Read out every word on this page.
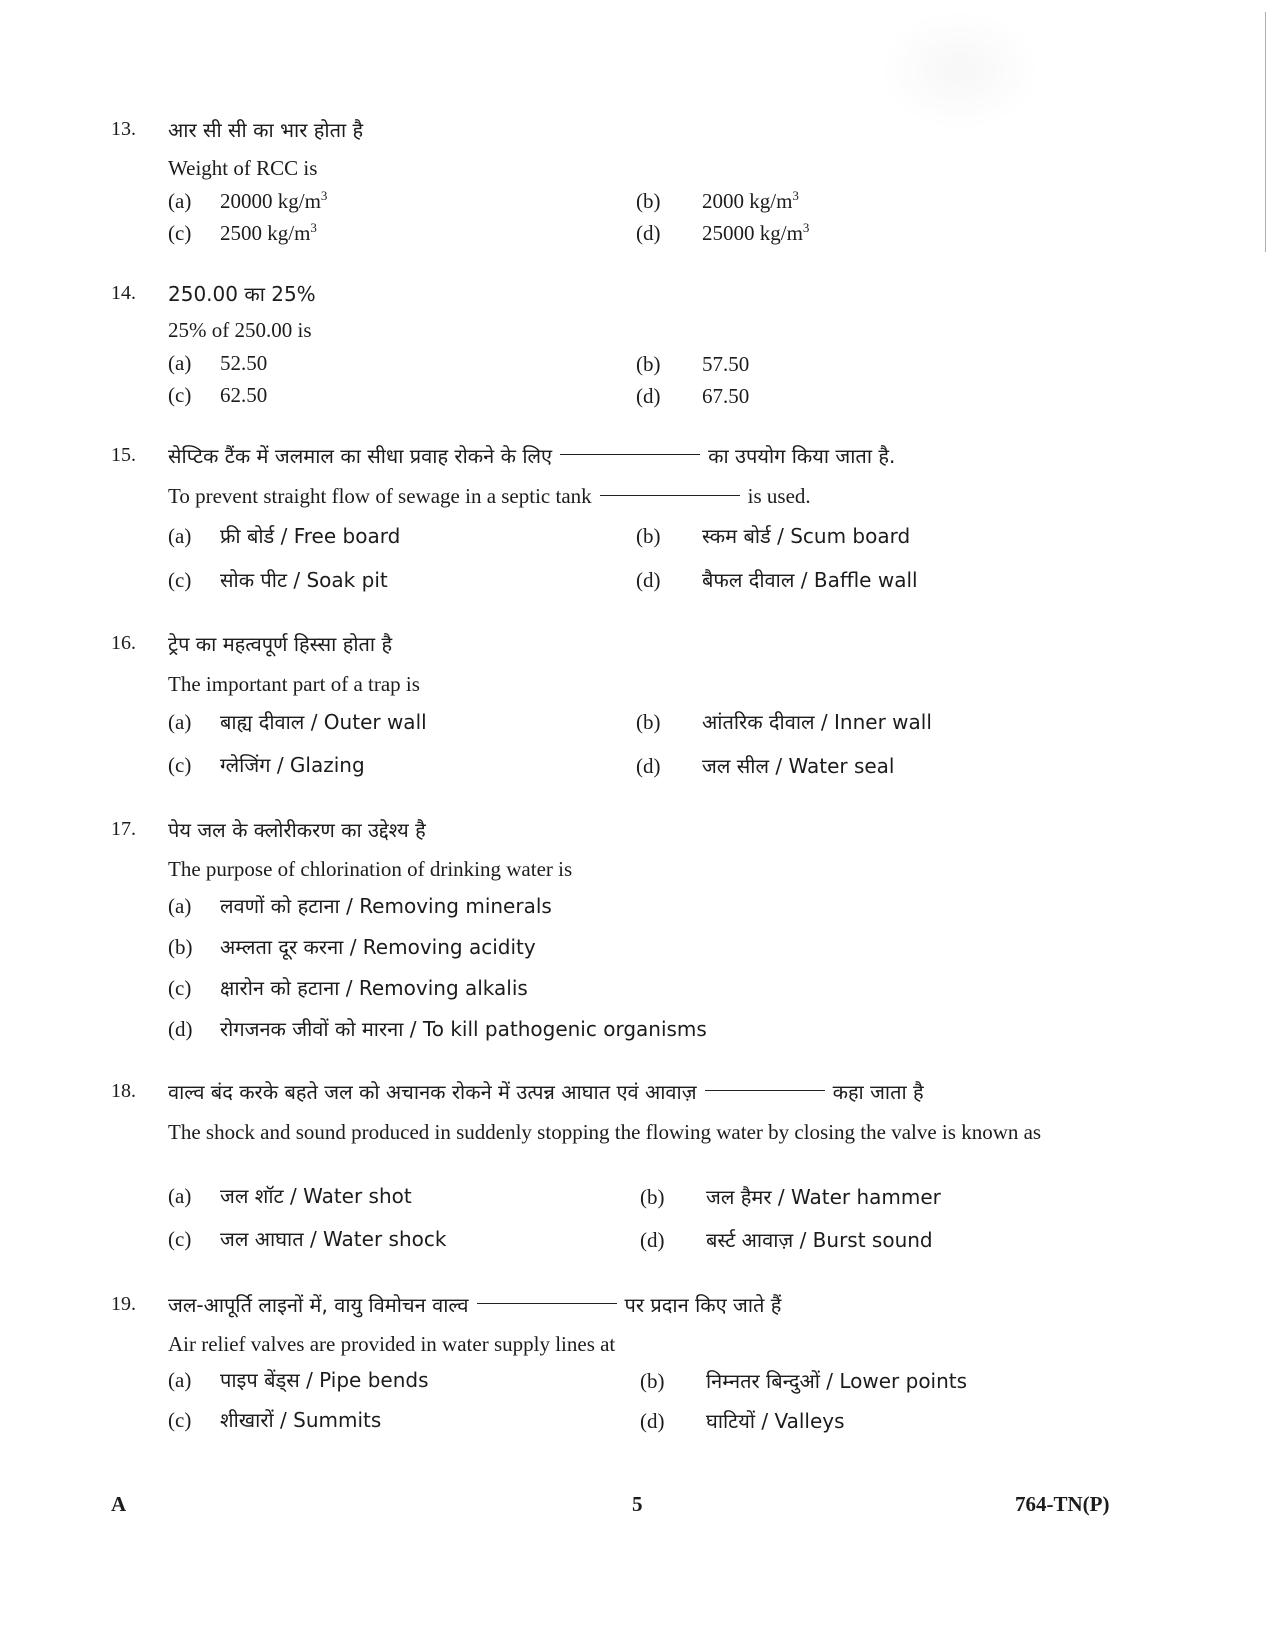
13. आर सी सी का भार होता है
Weight of RCC is
(a) 20000 $kg/m^3$	(b) 2000 $kg/m^3$
(c) 2500 $kg/m^3$	(d) 25000 $kg/m^3$
14. 250.00 का 25%
25% of 250.00 is
(a) 52.50	(b) 57.50
(c) 62.50	(d) 67.50
15. सेप्टिक टैंक में जलमाल का सीधा प्रवाह रोकने के लिए	का उपयोग किया जाता है.
To prevent straight flow of sewage in a septic tank	is used.
(a) फ्री बोर्ड / Free board	(b) स्कम बोर्ड / Scum board
(c) सोक पीट / Soak pit	(d) बैफल दीवाल / Baffle wall
16. ट्रेप का महत्वपूर्ण हिस्सा होता है
The important part of a trap is
(a) बाह्य दीवाल / Outer wall	(b) आंतरिक दीवाल / Inner wall
(c) ग्लेजिंग / Glazing	(d) जल सील / Water seal
17. पेय जल के क्लोरीकरण का उद्देश्य है
The purpose of chlorination of drinking water is
(a) लवणों को हटाना / Removing minerals
(b) अम्लता दूर करना / Removing acidity
(c) क्षारोन को हटाना / Removing alkalis
(d) रोगजनक जीवों को मारना / To kill pathogenic organisms
18. वाल्व बंद करके बहते जल को अचानक रोकने में उत्पन्न आघात एवं आवाज़	कहा जाता है
The shock and sound produced in suddenly stopping the flowing water by closing the valve is known as
(a) जल शॉट / Water shot	(b) जल हैमर / Water hammer
(c) जल आघात / Water shock	(d) बर्स्ट आवाज़ / Burst sound
19. जल-आपूर्ति लाइनों में, वायु विमोचन वाल्व	पर प्रदान किए जाते हैं
Air relief valves are provided in water supply lines at
(a) पाइप बेंड्स / Pipe bends	(b) निम्नतर बिन्दुओं / Lower points
(c) शीखारों / Summits	(d) घाटियों / Valleys
A	5	764-TN(P)
